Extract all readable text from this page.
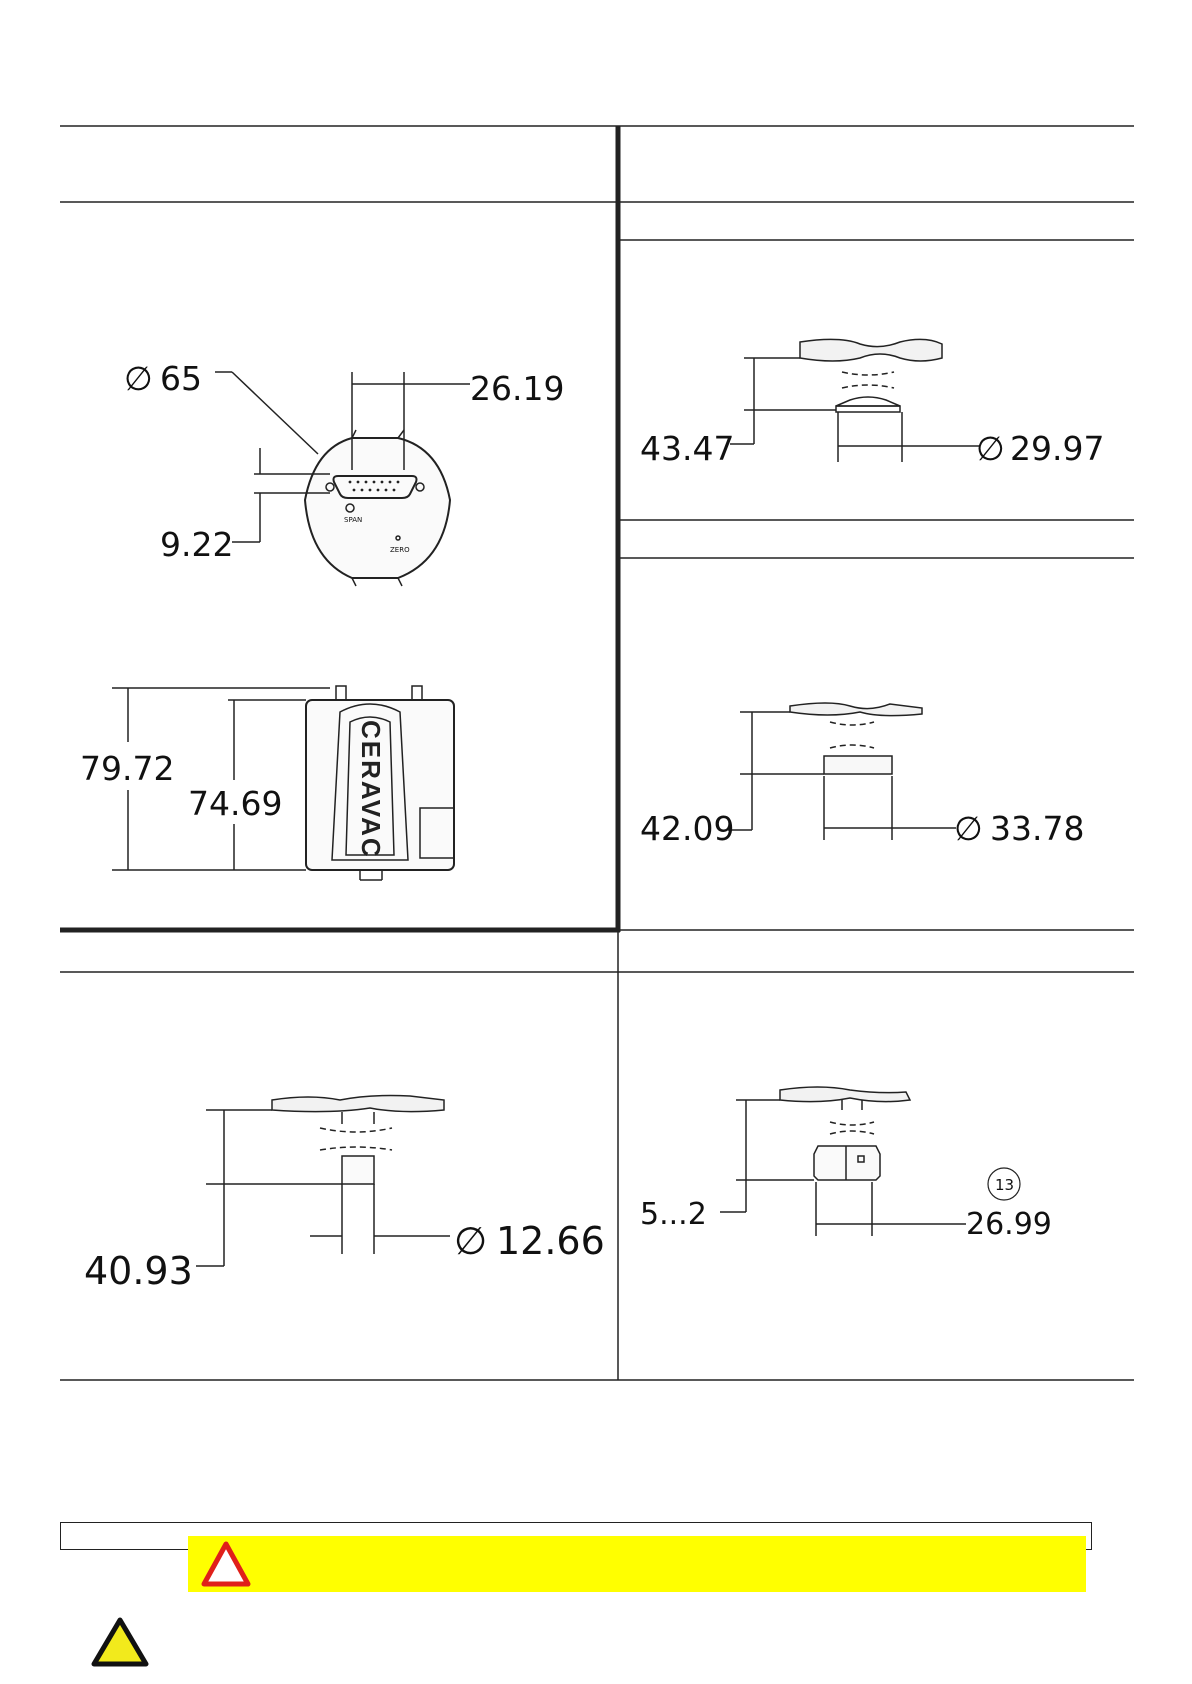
∅ 65	26.19
9.22
SPAN
ZERO
CERAVAC
79.72
74.69
43.47	∅ 29.97
42.09	∅ 33.78
40.93
∅ 12.66
5...2	26.99
13
